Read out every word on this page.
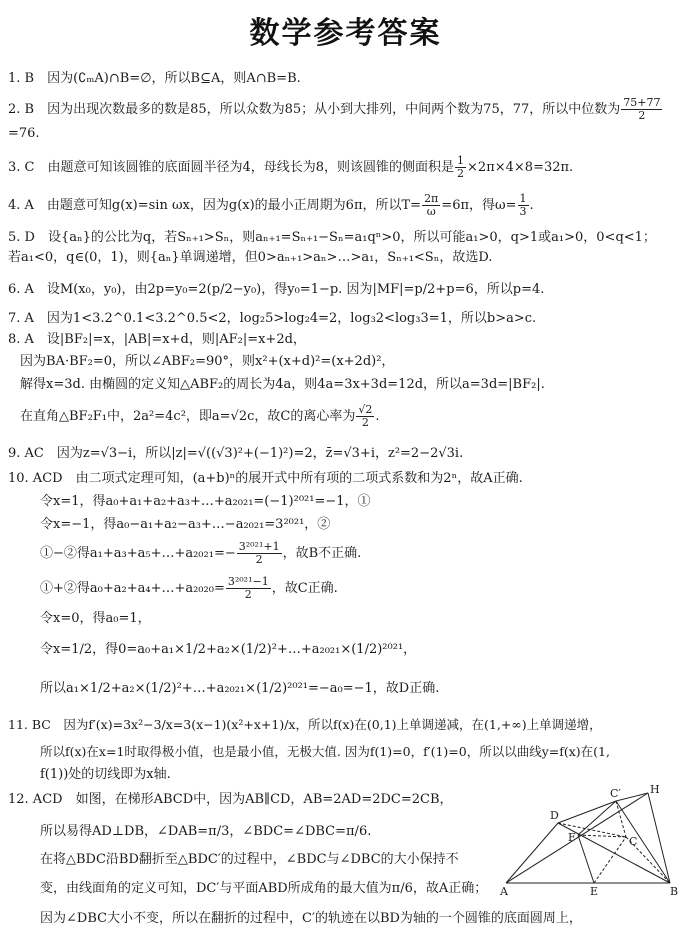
数学参考答案
1. B　因为(∁ₘA)∩B=∅，所以B⊆A，则A∩B=B.
2. B　因为出现次数最多的数是85，所以众数为85；从小到大排列，中间两个数为75，77，所以中位数为 $\frac{75+77}{2}$
=76.
3. C　由题意可知该圆锥的底面圆半径为4，母线长为8，则该圆锥的侧面积是 $\frac{1}{2} \times 2\pi\times 4\times 8=32\pi$.
4. A　由题意可知g(x)=sin ωx，因为g(x)的最小正周期为6π，所以$T= \frac{2\pi}{\omega} =6\pi$，得$\omega= \frac{1}{3}$ .
5. D　设{aₙ}的公比为q，若Sₙ₊₁>Sₙ，则aₙ₊₁=Sₙ₊₁−Sₙ=a₁qⁿ>0，所以可能a₁>0，q>1或a₁>0，0<q<1；
若a₁<0，q∈(0，1)，则{aₙ}单调递增，但0>aₙ₊₁>aₙ>…>a₁，Sₙ₊₁<Sₙ，故选D.
6. A　设M(x₀，y₀)，由2p=y₀=2(p/2−y₀)，得y₀=1−p. 因为|MF|=p/2+p=6，所以p=4.
7. A　因为1<3.2^0.1<3.2^0.5<2，log₂5>log₂4=2，log₃2<log₃3=1，所以b>a>c.
8. A　设|BF₂|=x，|AB|=x+d，则|AF₂|=x+2d，
因为BA·BF₂=0，所以∠ABF₂=90°，则x²+(x+d)²=(x+2d)²，
解得x=3d. 由椭圆的定义知△ABF₂的周长为4a，则4a=3x+3d=12d，所以a=3d=|BF₂|.
在直角△BF₂F₁中，2a²=4c²，即a=√2c，故C的离心率为 $\frac{√2}{2}$ .
9. AC　因为z=√3−i，所以|z|=√((√3)²+(−1)²)=2，z̄=√3+i，z²=2−2√3i.
10. ACD　由二项式定理可知，(a+b)ⁿ的展开式中所有项的二项式系数和为2ⁿ，故A正确.
令x=1，得a₀+a₁+a₂+a₃+…+a₂₀₂₁=(−1)²⁰²¹=−1，①
令x=−1，得a₀−a₁+a₂−a₃+…−a₂₀₂₁=3²⁰²¹，②
①−②得a₁+a₃+a₅+…+a₂₀₂₁=− $\frac{\text{3²⁰²¹+1}}{2}$ ，故B不正确.
①+②得a₀+a₂+a₄+…+a₂₀₂₀= $\frac{\text{3²⁰²¹−1}}{2}$ ，故C正确.
令x=0，得a₀=1，
令x=1/2，得0=a₀+a₁×1/2+a₂×(1/2)²+…+a₂₀₂₁×(1/2)²⁰²¹，
所以a₁×1/2+a₂×(1/2)²+…+a₂₀₂₁×(1/2)²⁰²¹=−a₀=−1，故D正确.
11. BC　因为f′(x)=3x²−3/x=3(x−1)(x²+x+1)/x，所以f(x)在(0,1)上单调递减，在(1,+∞)上单调递增，
所以f(x)在x=1时取得极小值，也是最小值，无极大值. 因为f(1)=0，f′(1)=0，所以以曲线y=f(x)在(1,
f(1))处的切线即为x轴.
12. ACD　如图，在梯形ABCD中，因为AB∥CD，AB=2AD=2DC=2CB，
所以易得AD⊥DB，∠DAB=π/3，∠BDC=∠DBC=π/6.
在将△BDC沿BD翻折至△BDC′的过程中，∠BDC与∠DBC的大小保持不
变，由线面角的定义可知，DC′与平面ABD所成角的最大值为π/6，故A正确；
因为∠DBC大小不变，所以在翻折的过程中，C′的轨迹在以BD为轴的一个圆锥的底面圆周上，
A	B
C
C′
D
E
F
H
